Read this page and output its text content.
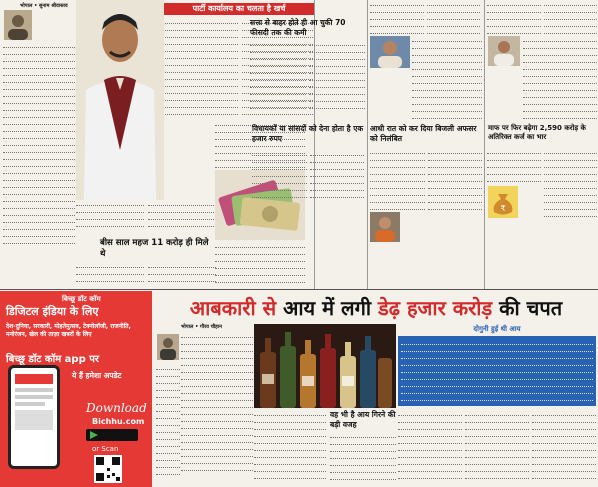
भोपाल • सुनाम श्रीवास्तव	पार्टी कार्यालय का चलता है खर्च
बीस साल महज 11 करोड़ ही मिले थे
सत्ता से बाहर होते ही आ चुकी 70 फीसदी तक की कमी
विधायकों या सांसदों को देना होता है एक हजार रुपए
आधी रात को कर दिया बिजली अफसर को निलंबित
माफ पर फिर बढ़ेगा 2,590 करोड़ के अतिरिक्त कर्ज का भार
₹
बिच्छू डॉट कॉम
डिजिटल इंडिया के लिए
देश-दुनिया, सरकारी, मोहतेमुत्सव, टेक्नोलॉजी, राजनीति, मनोरंजन, खेल की ताज़ा खबरों के लिए
बिच्छू डॉट कॉम app पर
ये हैं हमेशा अपडेट
Download
Bichhu.com
or Scan
आबकारी से
आय में लगी
डेढ़ हजार करोड़
की चपत
दोगुनी हुई थी आय
भोपाल • गौरव चौहान
वह भी है आय गिरने की बड़ी वजह
